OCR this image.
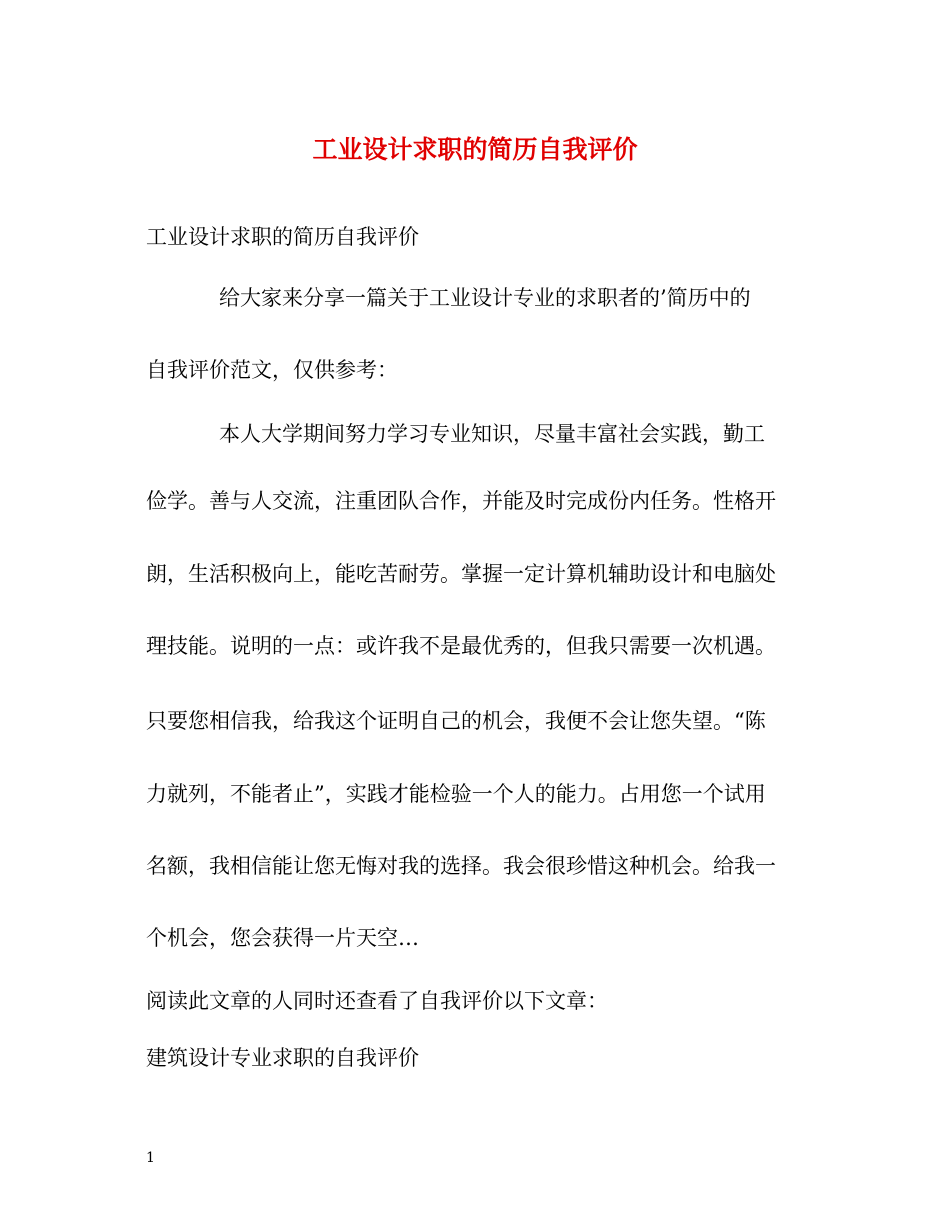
工业设计求职的简历自我评价
工业设计求职的简历自我评价
给大家来分享一篇关于工业设计专业的求职者的’简历中的
自我评价范文，仅供参考：
本人大学期间努力学习专业知识，尽量丰富社会实践，勤工
俭学。善与人交流，注重团队合作，并能及时完成份内任务。性格开
朗，生活积极向上，能吃苦耐劳。掌握一定计算机辅助设计和电脑处
理技能。说明的一点：或许我不是最优秀的，但我只需要一次机遇。
只要您相信我，给我这个证明自己的机会，我便不会让您失望。“陈
力就列，不能者止”，实践才能检验一个人的能力。占用您一个试用
名额，我相信能让您无悔对我的选择。我会很珍惜这种机会。给我一
个机会，您会获得一片天空…
阅读此文章的人同时还查看了自我评价以下文章：
建筑设计专业求职的自我评价
1
